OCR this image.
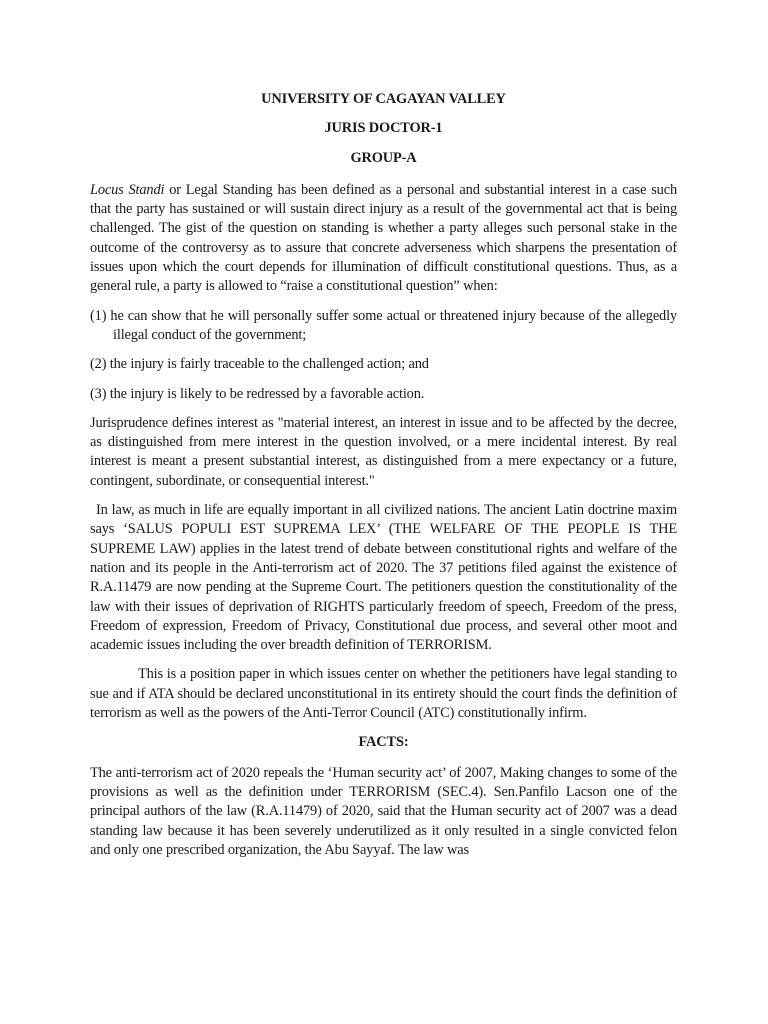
UNIVERSITY OF CAGAYAN VALLEY
JURIS DOCTOR-1
GROUP-A

Locus Standi or Legal Standing has been defined as a personal and substantial interest in a case such that the party has sustained or will sustain direct injury as a result of the governmental act that is being challenged. The gist of the question on standing is whether a party alleges such personal stake in the outcome of the controversy as to assure that concrete adverseness which sharpens the presentation of issues upon which the court depends for illumination of difficult constitutional questions. Thus, as a general rule, a party is allowed to “raise a constitutional question” when:

(1) he can show that he will personally suffer some actual or threatened injury because of the allegedly illegal conduct of the government;
(2) the injury is fairly traceable to the challenged action; and
(3) the injury is likely to be redressed by a favorable action.

Jurisprudence defines interest as "material interest, an interest in issue and to be affected by the decree, as distinguished from mere interest in the question involved, or a mere incidental interest. By real interest is meant a present substantial interest, as distinguished from a mere expectancy or a future, contingent, subordinate, or consequential interest."

In law, as much in life are equally important in all civilized nations. The ancient Latin doctrine maxim says ‘SALUS POPULI EST SUPREMA LEX’ (THE WELFARE OF THE PEOPLE IS THE SUPREME LAW) applies in the latest trend of debate between constitutional rights and welfare of the nation and its people in the Anti-terrorism act of 2020. The 37 petitions filed against the existence of R.A.11479 are now pending at the Supreme Court. The petitioners question the constitutionality of the law with their issues of deprivation of RIGHTS particularly freedom of speech, Freedom of the press, Freedom of expression, Freedom of Privacy, Constitutional due process, and several other moot and academic issues including the over breadth definition of TERRORISM.

This is a position paper in which issues center on whether the petitioners have legal standing to sue and if ATA should be declared unconstitutional in its entirety should the court finds the definition of terrorism as well as the powers of the Anti-Terror Council (ATC) constitutionally infirm.

FACTS:

The anti-terrorism act of 2020 repeals the ‘Human security act’ of 2007, Making changes to some of the provisions as well as the definition under TERRORISM (SEC.4). Sen.Panfilo Lacson one of the principal authors of the law (R.A.11479) of 2020, said that the Human security act of 2007 was a dead standing law because it has been severely underutilized as it only resulted in a single convicted felon and only one prescribed organization, the Abu Sayyaf. The law was
